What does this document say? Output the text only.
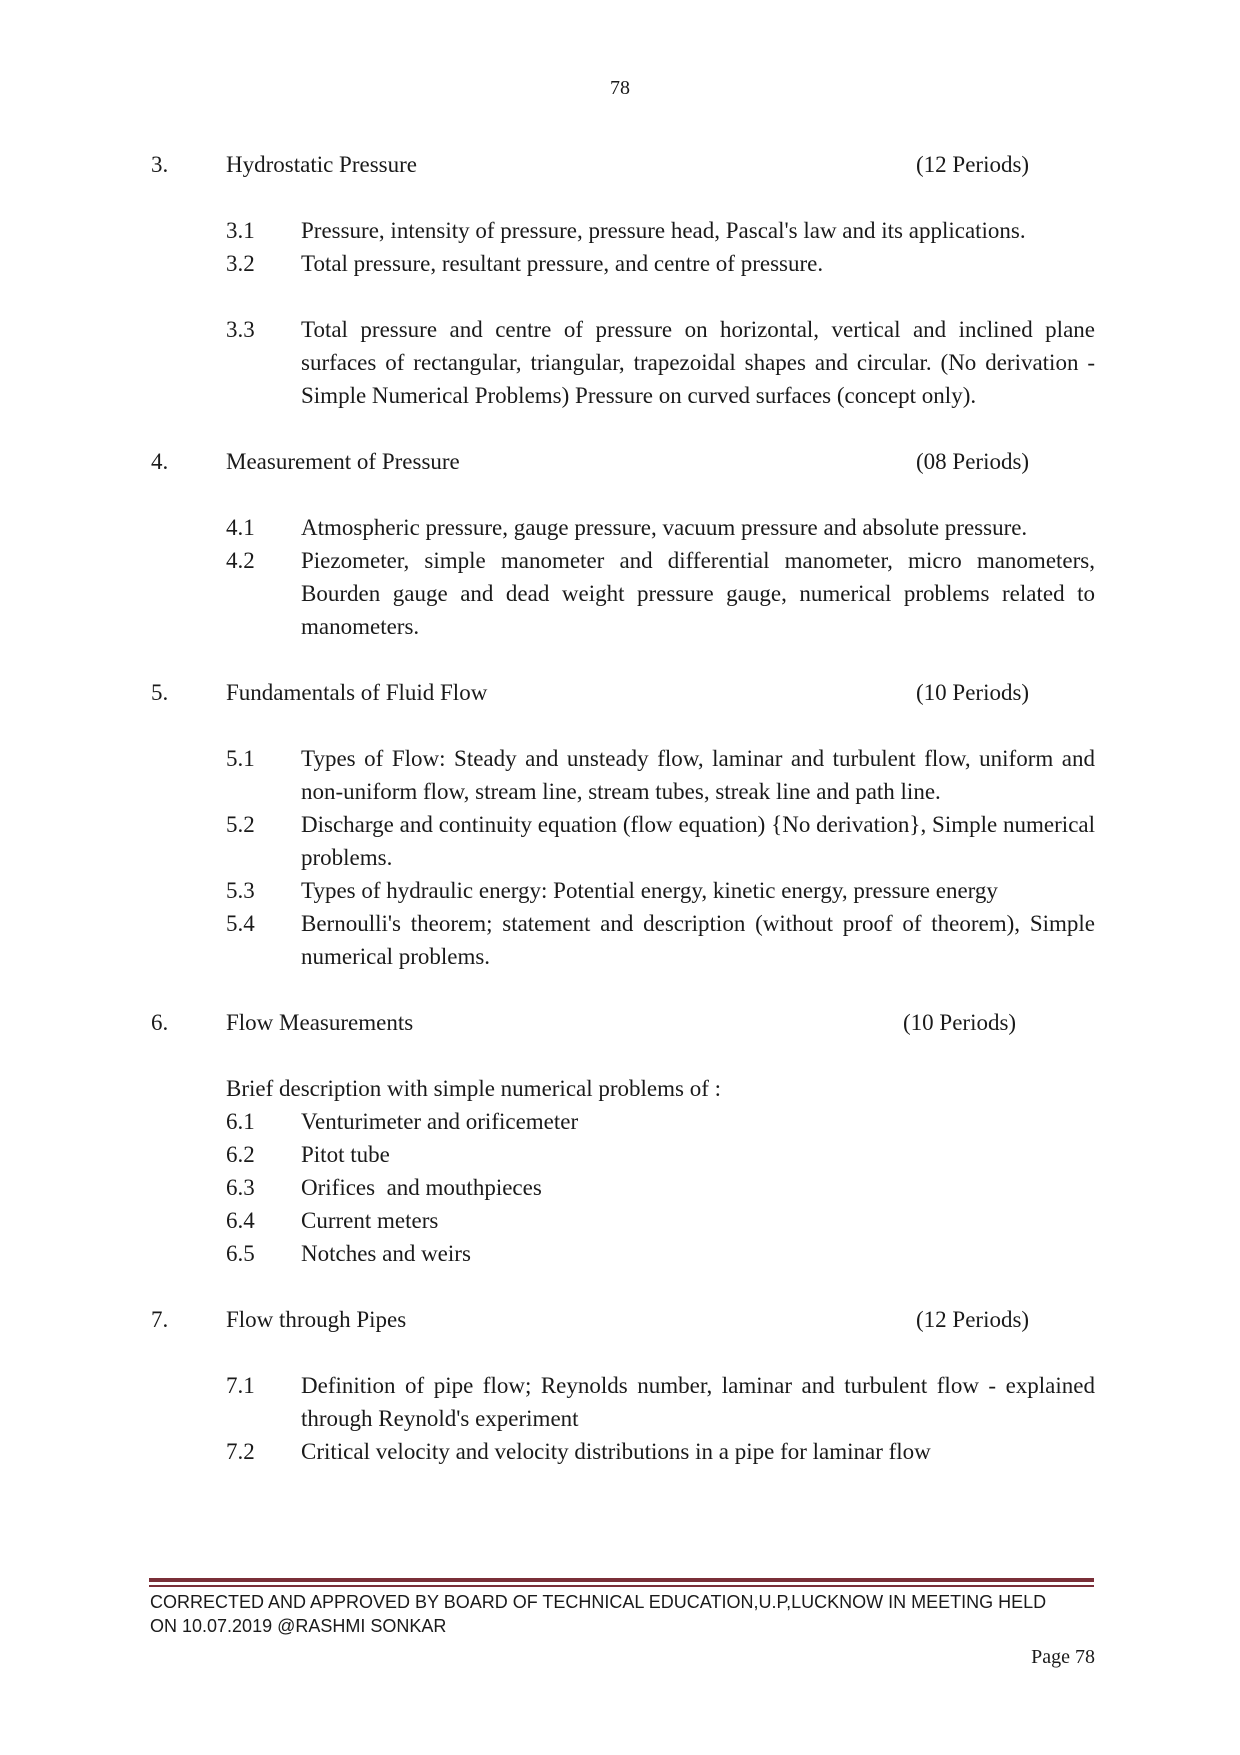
78
3.	Hydrostatic Pressure	(12 Periods)
3.1	Pressure, intensity of pressure, pressure head, Pascal's law and its applications.
3.2	Total pressure, resultant pressure, and centre of pressure.
3.3	Total pressure and centre of pressure on horizontal, vertical and inclined plane surfaces of rectangular, triangular, trapezoidal shapes and circular. (No derivation - Simple Numerical Problems) Pressure on curved surfaces (concept only).
4.	Measurement of Pressure	(08 Periods)
4.1	Atmospheric pressure, gauge pressure, vacuum pressure and absolute pressure.
4.2	Piezometer, simple manometer and differential manometer, micro manometers, Bourden gauge and dead weight pressure gauge, numerical problems related to manometers.
5.	Fundamentals of Fluid Flow	(10 Periods)
5.1	Types of Flow: Steady and unsteady flow, laminar and turbulent flow, uniform and non-uniform flow, stream line, stream tubes, streak line and path line.
5.2	Discharge and continuity equation (flow equation) {No derivation}, Simple numerical problems.
5.3	Types of hydraulic energy: Potential energy, kinetic energy, pressure energy
5.4	Bernoulli's theorem; statement and description (without proof of theorem), Simple numerical problems.
6.	Flow Measurements	(10 Periods)
Brief description with simple numerical problems of :
6.1	Venturimeter and orificemeter
6.2	Pitot tube
6.3	Orifices  and mouthpieces
6.4	Current meters
6.5	Notches and weirs
7.	Flow through Pipes	(12 Periods)
7.1	Definition of pipe flow; Reynolds number, laminar and turbulent flow - explained through Reynold's experiment
7.2	Critical velocity and velocity distributions in a pipe for laminar flow
CORRECTED AND APPROVED BY BOARD OF TECHNICAL EDUCATION,U.P,LUCKNOW IN MEETING HELD
ON 10.07.2019 @RASHMI SONKAR
Page 78
